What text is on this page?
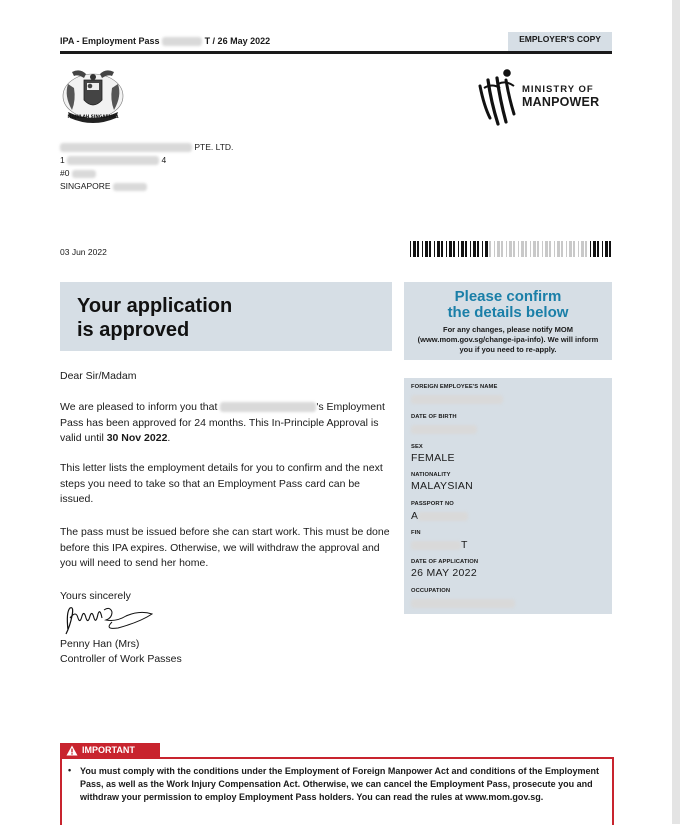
IPA - Employment Pass	T / 26 May 2022	EMPLOYER'S COPY
MAJULAH SINGAPURA
MINISTRY OF
MANPOWER
PTE. LTD.
1	4
#0
SINGAPORE
03 Jun 2022
Your application
is approved
Please confirm
the details below
For any changes, please notify MOM (www.mom.gov.sg/change-ipa-info). We will inform you if you need to re-apply.
Dear Sir/Madam
We are pleased to inform you that	's Employment Pass has been approved for 24 months. This In-Principle Approval is valid until 30 Nov 2022.
This letter lists the employment details for you to confirm and the next steps you need to take so that an Employment Pass card can be issued.
The pass must be issued before she can start work. This must be done before this IPA expires. Otherwise, we will withdraw the approval and you will need to send her home.
Yours sincerely
Penny Han (Mrs)
Controller of Work Passes
FOREIGN EMPLOYEE'S NAME
DATE OF BIRTH
SEX
FEMALE
NATIONALITY
MALAYSIAN
PASSPORT NO
A
FIN
T
DATE OF APPLICATION
26 MAY 2022
OCCUPATION
IMPORTANT
• You must comply with the conditions under the Employment of Foreign Manpower Act and conditions of the Employment Pass, as well as the Work Injury Compensation Act. Otherwise, we can cancel the Employment Pass, prosecute you and withdraw your permission to employ Employment Pass holders. You can read the rules at www.mom.gov.sg.
